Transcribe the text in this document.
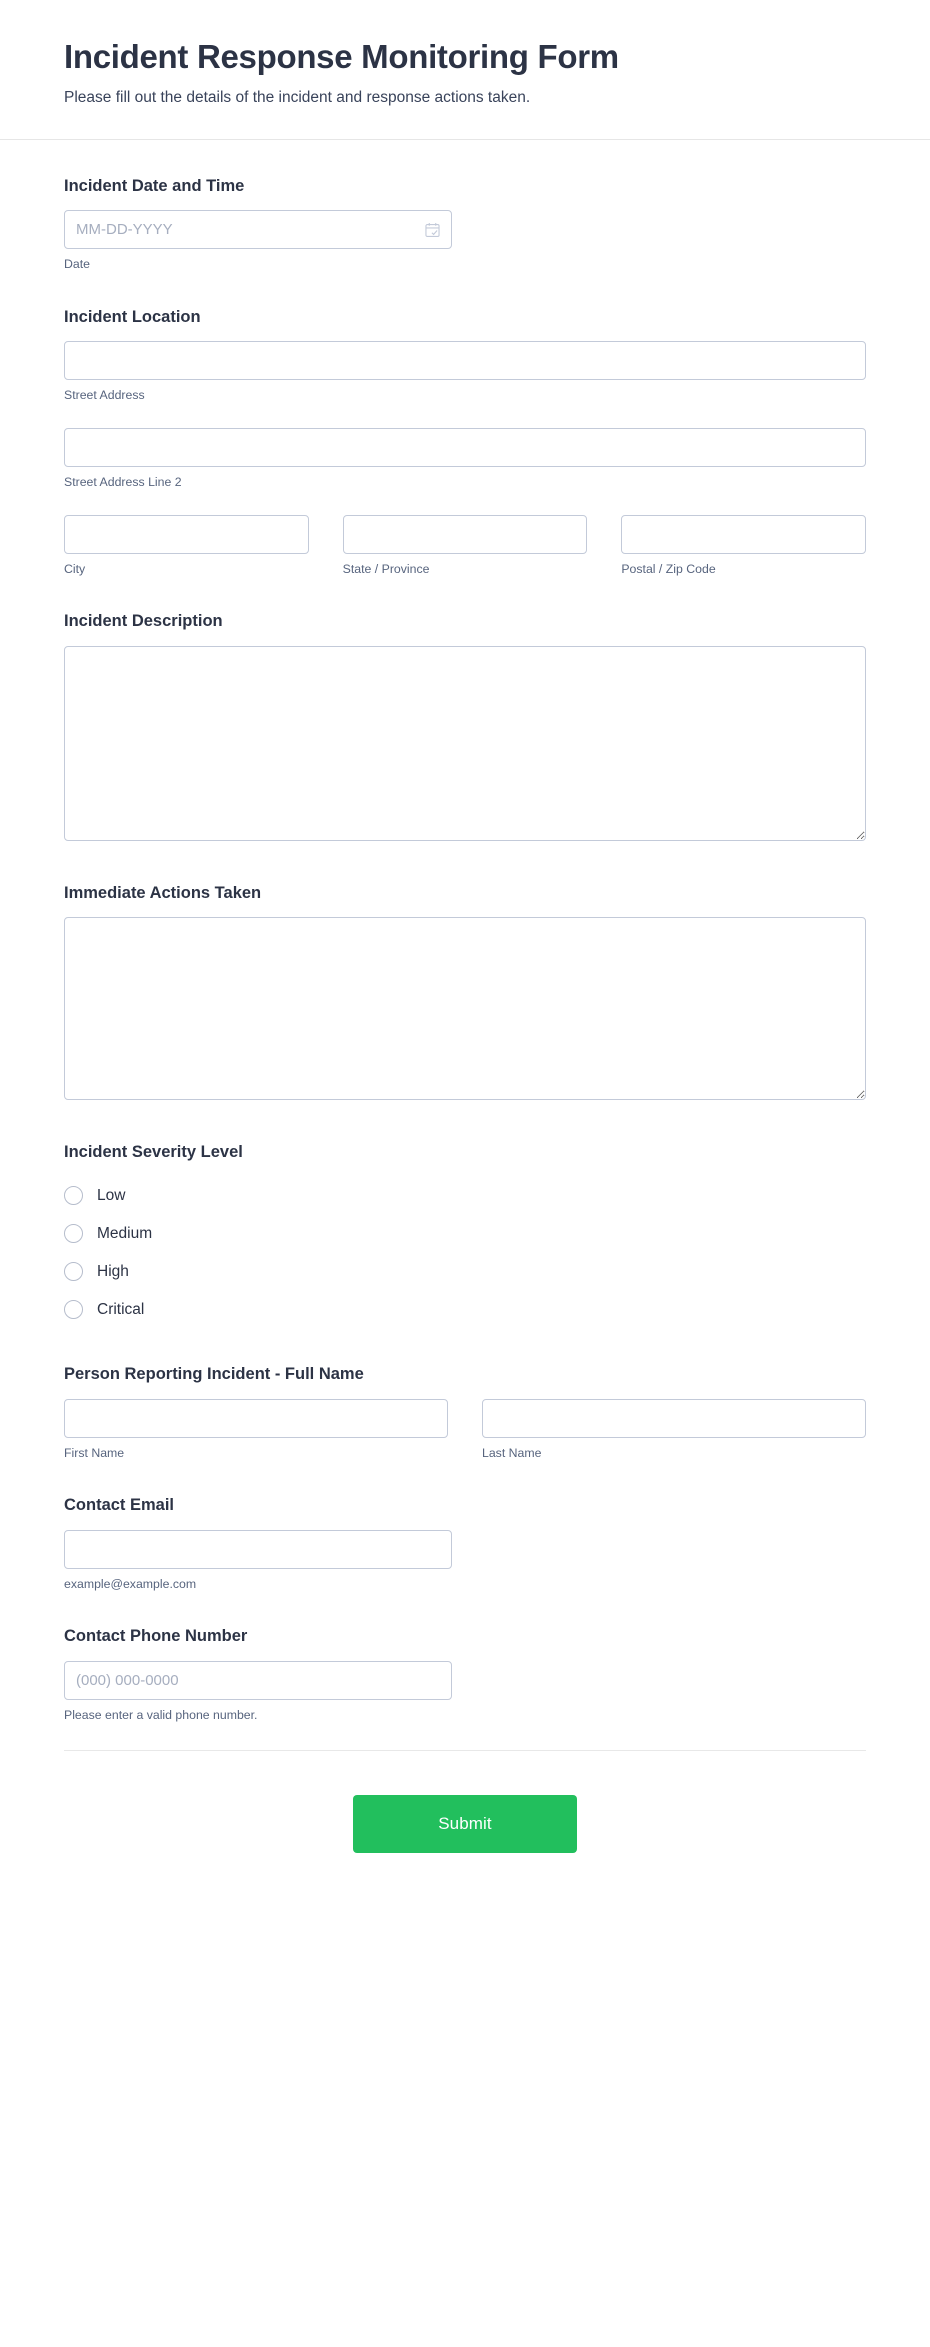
Incident Response Monitoring Form

Please fill out the details of the incident and response actions taken.

Incident Date and Time
MM-DD-YYYY
Date
Incident Location
Street Address
Street Address Line 2
City	State / Province	Postal / Zip Code
Incident Description
Immediate Actions Taken
Incident Severity Level
Low
Medium
High
Critical
Person Reporting Incident - Full Name
First Name	Last Name
Contact Email
example@example.com
Contact Phone Number
(000) 000-0000
Please enter a valid phone number.
Submit
